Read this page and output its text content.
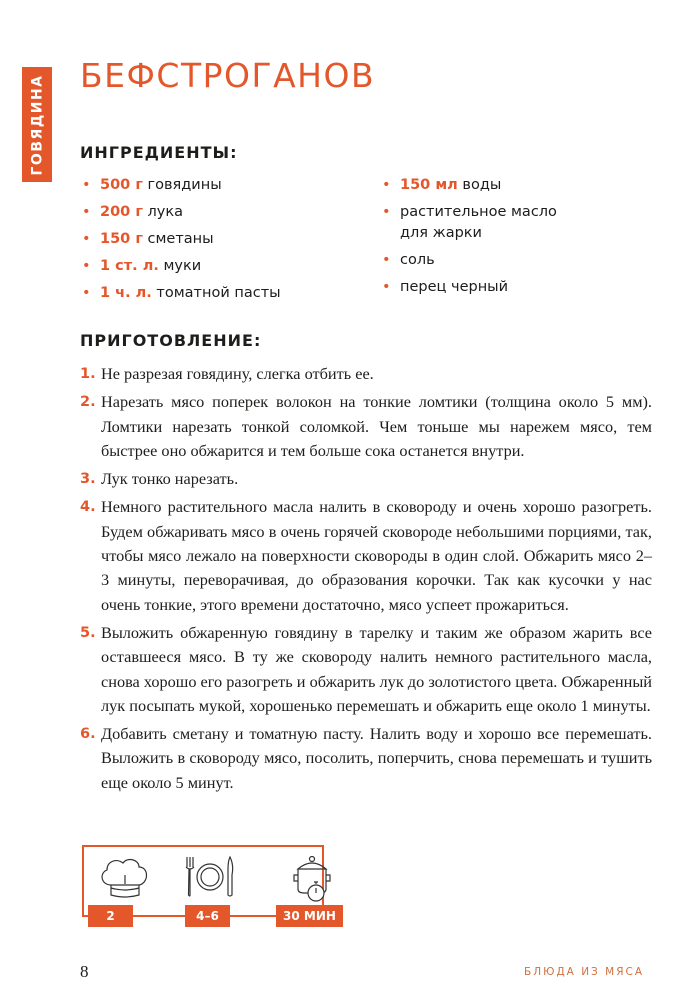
ГОВЯДИНА БЕФСТРОГАНОВ
ИНГРЕДИЕНТЫ:
• 500 г говядины
• 200 г лука
• 150 г сметаны
• 1 ст. л. муки
• 1 ч. л. томатной пасты
• 150 мл воды
• растительное масло для жарки
• соль
• перец черный
ПРИГОТОВЛЕНИЕ:
1. Не разрезая говядину, слегка отбить ее.
2. Нарезать мясо поперек волокон на тонкие ломтики (толщина около 5 мм). Ломтики нарезать тонкой соломкой. Чем тоньше мы нарежем мясо, тем быстрее оно обжарится и тем больше сока останется внутри.
3. Лук тонко нарезать.
4. Немного растительного масла налить в сковороду и очень хорошо разогреть. Будем обжаривать мясо в очень горячей сковороде небольшими порциями, так, чтобы мясо лежало на поверхности сковороды в один слой. Обжарить мясо 2–3 минуты, переворачивая, до образования корочки. Так как кусочки у нас очень тонкие, этого времени достаточно, мясо успеет прожариться.
5. Выложить обжаренную говядину в тарелку и таким же образом жарить все оставшееся мясо. В ту же сковороду налить немного растительного масла, снова хорошо его разогреть и обжарить лук до золотистого цвета. Обжаренный лук посыпать мукой, хорошенько перемешать и обжарить еще около 1 минуты.
6. Добавить сметану и томатную пасту. Налить воду и хорошо все перемешать. Выложить в сковороду мясо, посолить, поперчить, снова перемешать и тушить еще около 5 минут.
2	4–6	30 МИН
8	БЛЮДА ИЗ МЯСА
